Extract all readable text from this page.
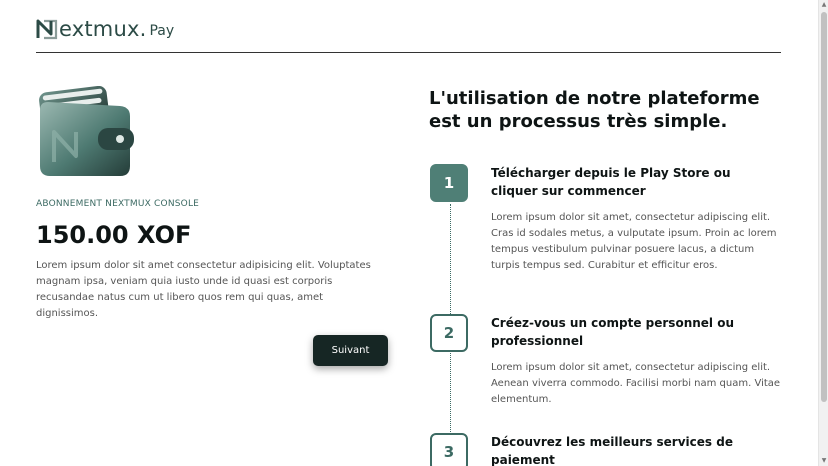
extmux. Pay
ABONNEMENT NEXTMUX CONSOLE
150.00 XOF
Lorem ipsum dolor sit amet consectetur adipisicing elit. Voluptates magnam ipsa, veniam quia iusto unde id quasi est corporis recusandae natus cum ut libero quos rem qui quas, amet dignissimos.
Suivant
L'utilisation de notre plateforme est un processus très simple.
1
Télécharger depuis le Play Store ou cliquer sur commencer
Lorem ipsum dolor sit amet, consectetur adipiscing elit. Cras id sodales metus, a vulputate ipsum. Proin ac lorem tempus vestibulum pulvinar posuere lacus, a dictum turpis tempus sed. Curabitur et efficitur eros.
2
Créez-vous un compte personnel ou professionnel
Lorem ipsum dolor sit amet, consectetur adipiscing elit. Aenean viverra commodo. Facilisi morbi nam quam. Vitae elementum.
3
Découvrez les meilleurs services de paiement
▲
▼
